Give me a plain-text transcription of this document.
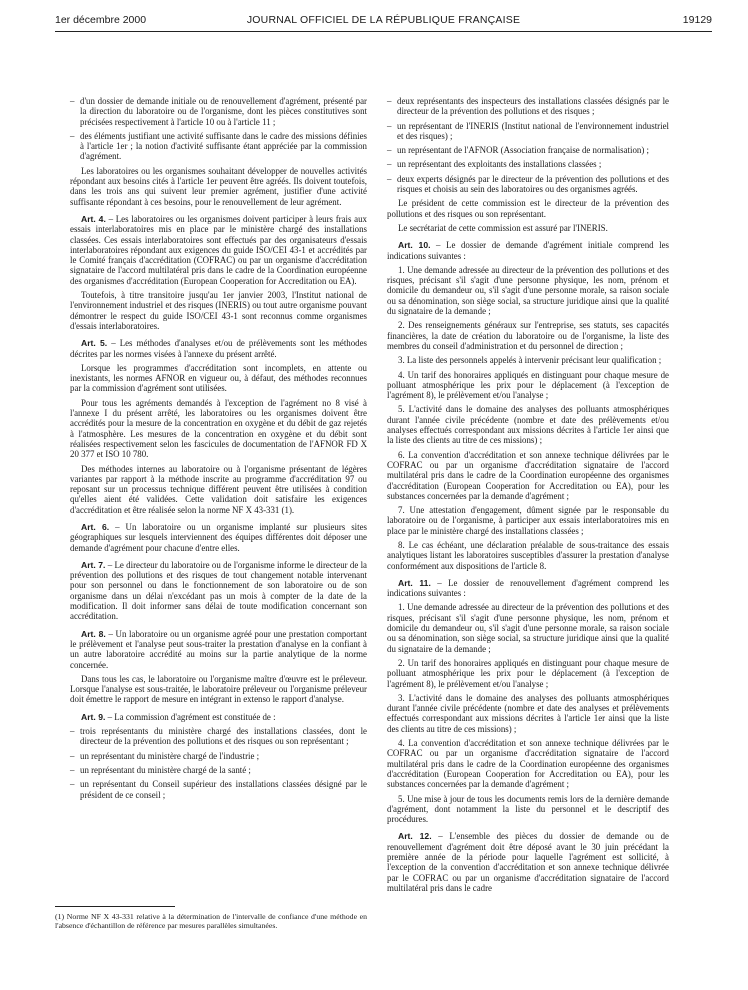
1er décembre 2000	JOURNAL OFFICIEL DE LA RÉPUBLIQUE FRANÇAISE	19129

– d'un dossier de demande initiale ou de renouvellement d'agrément, présenté par la direction du laboratoire ou de l'organisme, dont les pièces constitutives sont précisées respectivement à l'article 10 ou à l'article 11 ;

– des éléments justifiant une activité suffisante dans le cadre des missions définies à l'article 1er ; la notion d'activité suffisante étant appréciée par la commission d'agrément.

Les laboratoires ou les organismes souhaitant développer de nouvelles activités répondant aux besoins cités à l'article 1er peuvent être agréés. Ils doivent toutefois, dans les trois ans qui suivent leur premier agrément, justifier d'une activité suffisante répondant à ces besoins, pour le renouvellement de leur agrément.

Art. 4. – Les laboratoires ou les organismes doivent participer à leurs frais aux essais interlaboratoires mis en place par le ministère chargé des installations classées. Ces essais interlaboratoires sont effectués par des organisateurs d'essais interlaboratoires répondant aux exigences du guide ISO/CEI 43-1 et accrédités par le Comité français d'accréditation (COFRAC) ou par un organisme d'accréditation signataire de l'accord multilatéral pris dans le cadre de la Coordination européenne des organismes d'accréditation (European Cooperation for Accreditation ou EA).

Toutefois, à titre transitoire jusqu'au 1er janvier 2003, l'Institut national de l'environnement industriel et des risques (INERIS) ou tout autre organisme pouvant démontrer le respect du guide ISO/CEI 43-1 sont reconnus comme organismes d'essais interlaboratoires.

Art. 5. – Les méthodes d'analyses et/ou de prélèvements sont les méthodes décrites par les normes visées à l'annexe du présent arrêté.

Lorsque les programmes d'accréditation sont incomplets, en attente ou inexistants, les normes AFNOR en vigueur ou, à défaut, des méthodes reconnues par la commission d'agrément sont utilisées.

Pour tous les agréments demandés à l'exception de l'agrément no 8 visé à l'annexe I du présent arrêté, les laboratoires ou les organismes doivent être accrédités pour la mesure de la concentration en oxygène et du débit de gaz rejetés à l'atmosphère. Les mesures de la concentration en oxygène et du débit sont réalisées respectivement selon les fascicules de documentation de l'AFNOR FD X 20 377 et ISO 10 780.

Des méthodes internes au laboratoire ou à l'organisme présentant de légères variantes par rapport à la méthode inscrite au programme d'accréditation 97 ou reposant sur un processus technique différent peuvent être utilisées à condition qu'elles aient été validées. Cette validation doit satisfaire les exigences d'accréditation et être réalisée selon la norme NF X 43-331 (1).

Art. 6. – Un laboratoire ou un organisme implanté sur plusieurs sites géographiques sur lesquels interviennent des équipes différentes doit déposer une demande d'agrément pour chacune d'entre elles.

Art. 7. – Le directeur du laboratoire ou de l'organisme informe le directeur de la prévention des pollutions et des risques de tout changement notable intervenant pour son personnel ou dans le fonctionnement de son laboratoire ou de son organisme dans un délai n'excédant pas un mois à compter de la date de la modification. Il doit informer sans délai de toute modification concernant son accréditation.

Art. 8. – Un laboratoire ou un organisme agréé pour une prestation comportant le prélèvement et l'analyse peut sous-traiter la prestation d'analyse en la confiant à un autre laboratoire accrédité au moins sur la partie analytique de la norme concernée.

Dans tous les cas, le laboratoire ou l'organisme maître d'œuvre est le préleveur. Lorsque l'analyse est sous-traitée, le laboratoire préleveur ou l'organisme préleveur doit émettre le rapport de mesure en intégrant in extenso le rapport d'analyse.

Art. 9. – La commission d'agrément est constituée de :

– trois représentants du ministère chargé des installations classées, dont le directeur de la prévention des pollutions et des risques ou son représentant ;

– un représentant du ministère chargé de l'industrie ;

– un représentant du ministère chargé de la santé ;

– un représentant du Conseil supérieur des installations classées désigné par le président de ce conseil ;

– deux représentants des inspecteurs des installations classées désignés par le directeur de la prévention des pollutions et des risques ;

– un représentant de l'INERIS (Institut national de l'environnement industriel et des risques) ;

– un représentant de l'AFNOR (Association française de normalisation) ;

– un représentant des exploitants des installations classées ;

– deux experts désignés par le directeur de la prévention des pollutions et des risques et choisis au sein des laboratoires ou des organismes agréés.

Le président de cette commission est le directeur de la prévention des pollutions et des risques ou son représentant.

Le secrétariat de cette commission est assuré par l'INERIS.

Art. 10. – Le dossier de demande d'agrément initiale comprend les indications suivantes :

1. Une demande adressée au directeur de la prévention des pollutions et des risques, précisant s'il s'agit d'une personne physique, les nom, prénom et domicile du demandeur ou, s'il s'agit d'une personne morale, sa raison sociale ou sa dénomination, son siège social, sa structure juridique ainsi que la qualité du signataire de la demande ;

2. Des renseignements généraux sur l'entreprise, ses statuts, ses capacités financières, la date de création du laboratoire ou de l'organisme, la liste des membres du conseil d'administration et du personnel de direction ;

3. La liste des personnels appelés à intervenir précisant leur qualification ;

4. Un tarif des honoraires appliqués en distinguant pour chaque mesure de polluant atmosphérique les prix pour le déplacement (à l'exception de l'agrément 8), le prélèvement et/ou l'analyse ;

5. L'activité dans le domaine des analyses des polluants atmosphériques durant l'année civile précédente (nombre et date des prélèvements et/ou analyses effectués correspondant aux missions décrites à l'article 1er ainsi que la liste des clients au titre de ces missions) ;

6. La convention d'accréditation et son annexe technique délivrées par le COFRAC ou par un organisme d'accréditation signataire de l'accord multilatéral pris dans le cadre de la Coordination européenne des organismes d'accréditation (European Cooperation for Accreditation ou EA), pour les substances concernées par la demande d'agrément ;

7. Une attestation d'engagement, dûment signée par le responsable du laboratoire ou de l'organisme, à participer aux essais interlaboratoires mis en place par le ministère chargé des installations classées ;

8. Le cas échéant, une déclaration préalable de sous-traitance des essais analytiques listant les laboratoires susceptibles d'assurer la prestation d'analyse conformément aux dispositions de l'article 8.

Art. 11. – Le dossier de renouvellement d'agrément comprend les indications suivantes :

1. Une demande adressée au directeur de la prévention des pollutions et des risques, précisant s'il s'agit d'une personne physique, les nom, prénom et domicile du demandeur ou, s'il s'agit d'une personne morale, sa raison sociale ou sa dénomination, son siège social, sa structure juridique ainsi que la qualité du signataire de la demande ;

2. Un tarif des honoraires appliqués en distinguant pour chaque mesure de polluant atmosphérique les prix pour le déplacement (à l'exception de l'agrément 8), le prélèvement et/ou l'analyse ;

3. L'activité dans le domaine des analyses des polluants atmosphériques durant l'année civile précédente (nombre et date des analyses et prélèvements effectués correspondant aux missions décrites à l'article 1er ainsi que la liste des clients au titre de ces missions) ;

4. La convention d'accréditation et son annexe technique délivrées par le COFRAC ou par un organisme d'accréditation signataire de l'accord multilatéral pris dans le cadre de la Coordination européenne des organismes d'accréditation (European Cooperation for Accreditation ou EA), pour les substances concernées par la demande d'agrément ;

5. Une mise à jour de tous les documents remis lors de la dernière demande d'agrément, dont notamment la liste du personnel et le descriptif des procédures.

Art. 12. – L'ensemble des pièces du dossier de demande ou de renouvellement d'agrément doit être déposé avant le 30 juin précédant la première année de la période pour laquelle l'agrément est sollicité, à l'exception de la convention d'accréditation et son annexe technique délivrée par le COFRAC ou par un organisme d'accréditation signataire de l'accord multilatéral pris dans le cadre

(1) Norme NF X 43-331 relative à la détermination de l'intervalle de confiance d'une méthode en l'absence d'échantillon de référence par mesures parallèles simultanées.
